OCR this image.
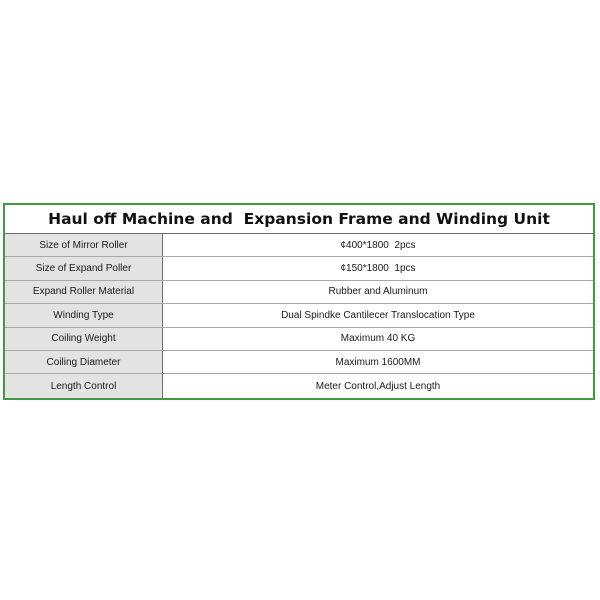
Haul off Machine and  Expansion Frame and Winding Unit
Size of Mirror Roller	¢400*1800  2pcs
Size of Expand Poller	¢150*1800  1pcs
Expand Roller Material	Rubber and Aluminum
Winding Type	Dual Spindke Cantilecer Translocation Type
Coiling Weight	Maximum 40 KG
Coiling Diameter	Maximum 1600MM
Length Control	Meter Control,Adjust Length
